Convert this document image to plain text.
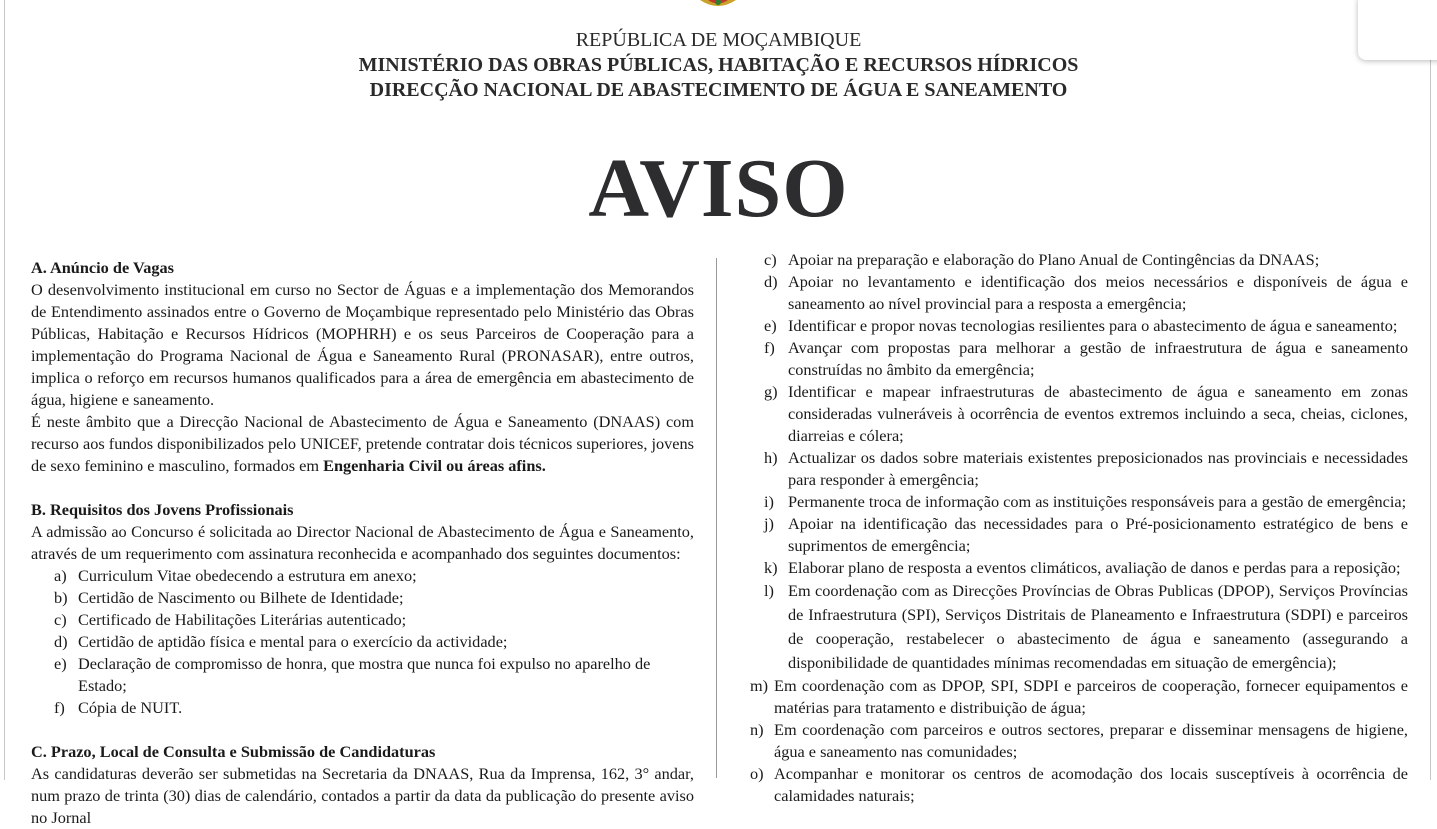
REPÚBLICA DE MOÇAMBIQUE
MINISTÉRIO DAS OBRAS PÚBLICAS, HABITAÇÃO E RECURSOS HÍDRICOS
DIRECÇÃO NACIONAL DE ABASTECIMENTO DE ÁGUA E SANEAMENTO
AVISO

A. Anúncio de Vagas

O desenvolvimento institucional em curso no Sector de Águas e a implementação dos Memorandos de Entendimento assinados entre o Governo de Moçambique representado pelo Ministério das Obras Públicas, Habitação e Recursos Hídricos (MOPHRH) e os seus Parceiros de Cooperação para a implementação do Programa Nacional de Água e Saneamento Rural (PRONASAR), entre outros, implica o reforço em recursos humanos qualificados para a área de emergência em abastecimento de água, higiene e saneamento.

É neste âmbito que a Direcção Nacional de Abastecimento de Água e Saneamento (DNAAS) com recurso aos fundos disponibilizados pelo UNICEF, pretende contratar dois técnicos superiores, jovens de sexo feminino e masculino, formados em Engenharia Civil ou áreas afins.

B. Requisitos dos Jovens Profissionais

A admissão ao Concurso é solicitada ao Director Nacional de Abastecimento de Água e Saneamento, através de um requerimento com assinatura reconhecida e acompanhado dos seguintes documentos:

a) Curriculum Vitae obedecendo a estrutura em anexo;
b) Certidão de Nascimento ou Bilhete de Identidade;
c) Certificado de Habilitações Literárias autenticado;
d) Certidão de aptidão física e mental para o exercício da actividade;
e) Declaração de compromisso de honra, que mostra que nunca foi expulso no aparelho de Estado;
f) Cópia de NUIT.

C. Prazo, Local de Consulta e Submissão de Candidaturas

As candidaturas deverão ser submetidas na Secretaria da DNAAS, Rua da Imprensa, 162, 3° andar, num prazo de trinta (30) dias de calendário, contados a partir da data da publicação do presente aviso no Jornal

c) Apoiar na preparação e elaboração do Plano Anual de Contingências da DNAAS;
d) Apoiar no levantamento e identificação dos meios necessários e disponíveis de água e saneamento ao nível provincial para a resposta a emergência;
e) Identificar e propor novas tecnologias resilientes para o abastecimento de água e saneamento;
f) Avançar com propostas para melhorar a gestão de infraestrutura de água e saneamento construídas no âmbito da emergência;
g) Identificar e mapear infraestruturas de abastecimento de água e saneamento em zonas consideradas vulneráveis à ocorrência de eventos extremos incluindo a seca, cheias, ciclones, diarreias e cólera;
h) Actualizar os dados sobre materiais existentes preposicionados nas provinciais e necessidades para responder à emergência;
i) Permanente troca de informação com as instituições responsáveis para a gestão de emergência;
j) Apoiar na identificação das necessidades para o Pré-posicionamento estratégico de bens e suprimentos de emergência;
k) Elaborar plano de resposta a eventos climáticos, avaliação de danos e perdas para a reposição;
l) Em coordenação com as Direcções Províncias de Obras Publicas (DPOP), Serviços Províncias de Infraestrutura (SPI), Serviços Distritais de Planeamento e Infraestrutura (SDPI) e parceiros de cooperação, restabelecer o abastecimento de água e saneamento (assegurando a disponibilidade de quantidades mínimas recomendadas em situação de emergência);
m) Em coordenação com as DPOP, SPI, SDPI e parceiros de cooperação, fornecer equipamentos e matérias para tratamento e distribuição de água;
n) Em coordenação com parceiros e outros sectores, preparar e disseminar mensagens de higiene, água e saneamento nas comunidades;
o) Acompanhar e monitorar os centros de acomodação dos locais susceptíveis à ocorrência de calamidades naturais;
